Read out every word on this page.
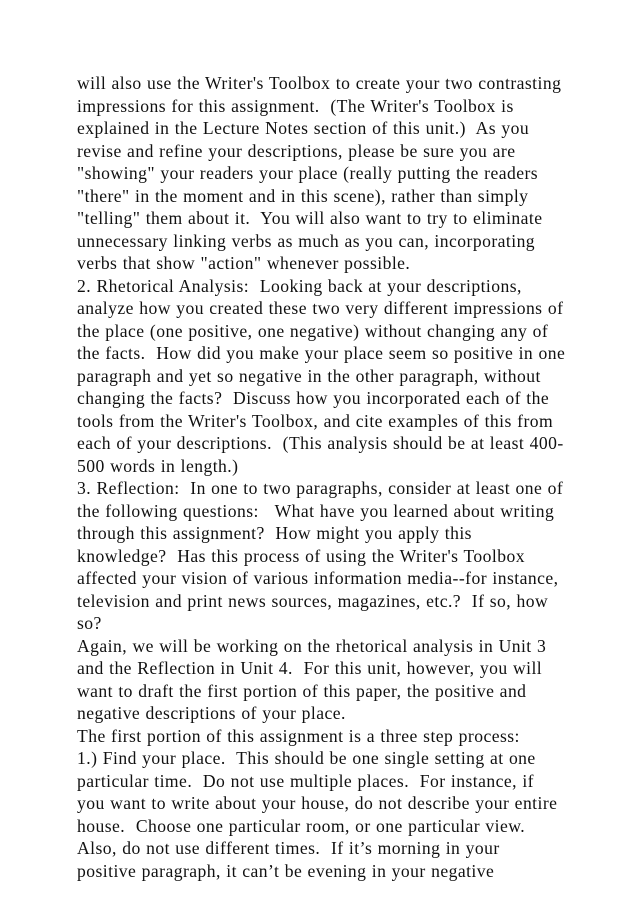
will also use the Writer's Toolbox to create your two contrasting
impressions for this assignment.  (The Writer's Toolbox is
explained in the Lecture Notes section of this unit.)  As you
revise and refine your descriptions, please be sure you are
"showing" your readers your place (really putting the readers
"there" in the moment and in this scene), rather than simply
"telling" them about it.  You will also want to try to eliminate
unnecessary linking verbs as much as you can, incorporating
verbs that show "action" whenever possible.
2. Rhetorical Analysis:  Looking back at your descriptions,
analyze how you created these two very different impressions of
the place (one positive, one negative) without changing any of
the facts.  How did you make your place seem so positive in one
paragraph and yet so negative in the other paragraph, without
changing the facts?  Discuss how you incorporated each of the
tools from the Writer's Toolbox, and cite examples of this from
each of your descriptions.  (This analysis should be at least 400-
500 words in length.)
3. Reflection:  In one to two paragraphs, consider at least one of
the following questions:   What have you learned about writing
through this assignment?  How might you apply this
knowledge?  Has this process of using the Writer's Toolbox
affected your vision of various information media--for instance,
television and print news sources, magazines, etc.?  If so, how
so?
Again, we will be working on the rhetorical analysis in Unit 3
and the Reflection in Unit 4.  For this unit, however, you will
want to draft the first portion of this paper, the positive and
negative descriptions of your place.
The first portion of this assignment is a three step process:
1.) Find your place.  This should be one single setting at one
particular time.  Do not use multiple places.  For instance, if
you want to write about your house, do not describe your entire
house.  Choose one particular room, or one particular view.
Also, do not use different times.  If it’s morning in your
positive paragraph, it can’t be evening in your negative
